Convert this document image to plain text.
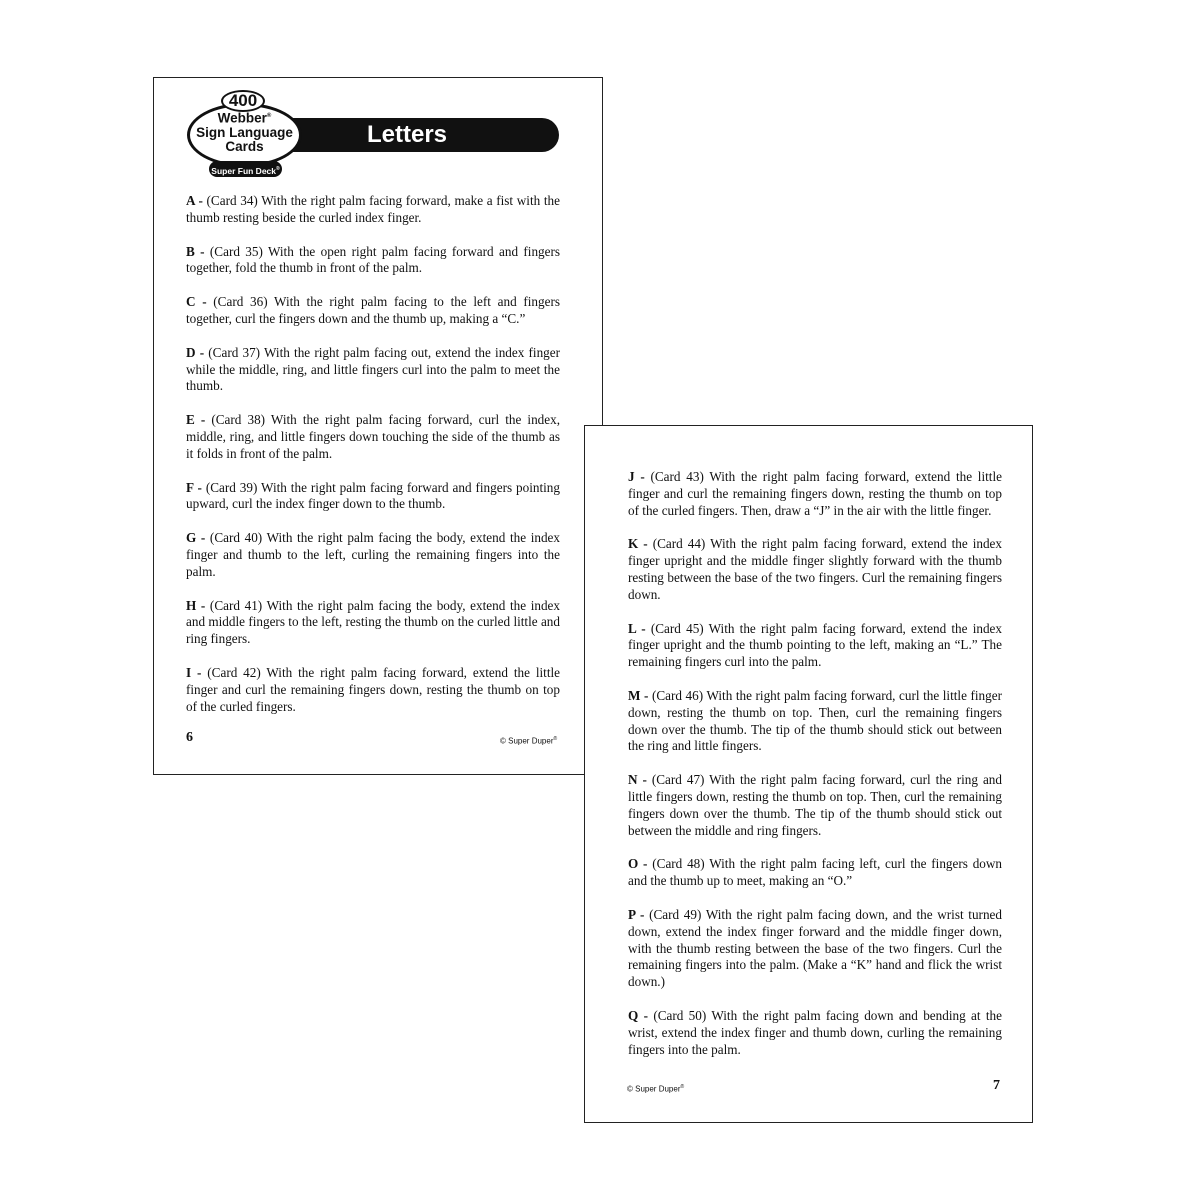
400
Webber®
Sign Language
Cards
Super Fun Deck®
Letters

A - (Card 34) With the right palm facing forward, make a fist with the thumb resting beside the curled index finger.

B - (Card 35) With the open right palm facing forward and fingers together, fold the thumb in front of the palm.

C - (Card 36) With the right palm facing to the left and fingers together, curl the fingers down and the thumb up, making a “C.”

D - (Card 37) With the right palm facing out, extend the index finger while the middle, ring, and little fingers curl into the palm to meet the thumb.

E - (Card 38) With the right palm facing forward, curl the index, middle, ring, and little fingers down touching the side of the thumb as it folds in front of the palm.

F - (Card 39) With the right palm facing forward and fingers pointing upward, curl the index finger down to the thumb.

G - (Card 40) With the right palm facing the body, extend the index finger and thumb to the left, curling the remaining fingers into the palm.

H - (Card 41) With the right palm facing the body, extend the index and middle fingers to the left, resting the thumb on the curled little and ring fingers.

I - (Card 42) With the right palm facing forward, extend the little finger and curl the remaining fingers down, resting the thumb on top of the curled fingers.

6	© Super Duper®

J - (Card 43) With the right palm facing forward, extend the little finger and curl the remaining fingers down, resting the thumb on top of the curled fingers. Then, draw a “J” in the air with the little finger.

K - (Card 44) With the right palm facing forward, extend the index finger upright and the middle finger slightly forward with the thumb resting between the base of the two fingers. Curl the remaining fingers down.

L - (Card 45) With the right palm facing forward, extend the index finger upright and the thumb pointing to the left, making an “L.” The remaining fingers curl into the palm.

M - (Card 46) With the right palm facing forward, curl the little finger down, resting the thumb on top. Then, curl the remaining fingers down over the thumb. The tip of the thumb should stick out between the ring and little fingers.

N - (Card 47) With the right palm facing forward, curl the ring and little fingers down, resting the thumb on top. Then, curl the remaining fingers down over the thumb. The tip of the thumb should stick out between the middle and ring fingers.

O - (Card 48) With the right palm facing left, curl the fingers down and the thumb up to meet, making an “O.”

P - (Card 49) With the right palm facing down, and the wrist turned down, extend the index finger forward and the middle finger down, with the thumb resting between the base of the two fingers. Curl the remaining fingers into the palm. (Make a “K” hand and flick the wrist down.)

Q - (Card 50) With the right palm facing down and bending at the wrist, extend the index finger and thumb down, curling the remaining fingers into the palm.

© Super Duper®	7
